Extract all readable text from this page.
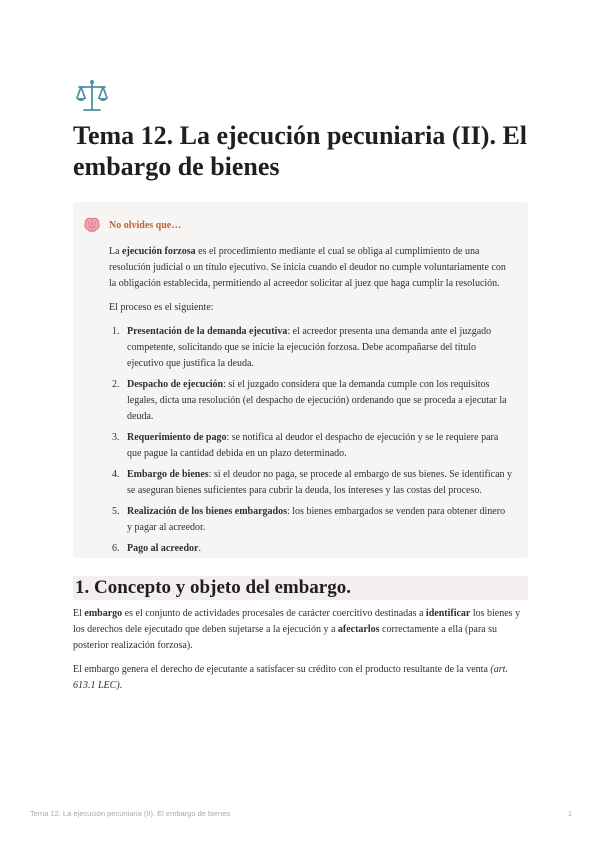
Tema 12. La ejecución pecuniaria (II). El embargo de bienes
No olvides que…

La ejecución forzosa es el procedimiento mediante el cual se obliga al cumplimiento de una resolución judicial o un título ejecutivo. Se inicia cuando el deudor no cumple voluntariamente con la obligación establecida, permitiendo al acreedor solicitar al juez que haga cumplir la resolución.

El proceso es el siguiente:

1. Presentación de la demanda ejecutiva: el acreedor presenta una demanda ante el juzgado competente, solicitando que se inicie la ejecución forzosa. Debe acompañarse del título ejecutivo que justifica la deuda.
2. Despacho de ejecución: si el juzgado considera que la demanda cumple con los requisitos legales, dicta una resolución (el despacho de ejecución) ordenando que se proceda a ejecutar la deuda.
3. Requerimiento de pago: se notifica al deudor el despacho de ejecución y se le requiere para que pague la cantidad debida en un plazo determinado.
4. Embargo de bienes: si el deudor no paga, se procede al embargo de sus bienes. Se identifican y se aseguran bienes suficientes para cubrir la deuda, los intereses y las costas del proceso.
5. Realización de los bienes embargados: los bienes embargados se venden para obtener dinero y pagar al acreedor.
6. Pago al acreedor.
1. Concepto y objeto del embargo.

El embargo es el conjunto de actividades procesales de carácter coercitivo destinadas a identificar los bienes y los derechos dele ejecutado que deben sujetarse a la ejecución y a afectarlos correctamente a ella (para su posterior realización forzosa).

El embargo genera el derecho de ejecutante a satisfacer su crédito con el producto resultante de la venta (art. 613.1 LEC).

Tema 12. La ejecución pecuniaria (II). El embargo de bienes	1
